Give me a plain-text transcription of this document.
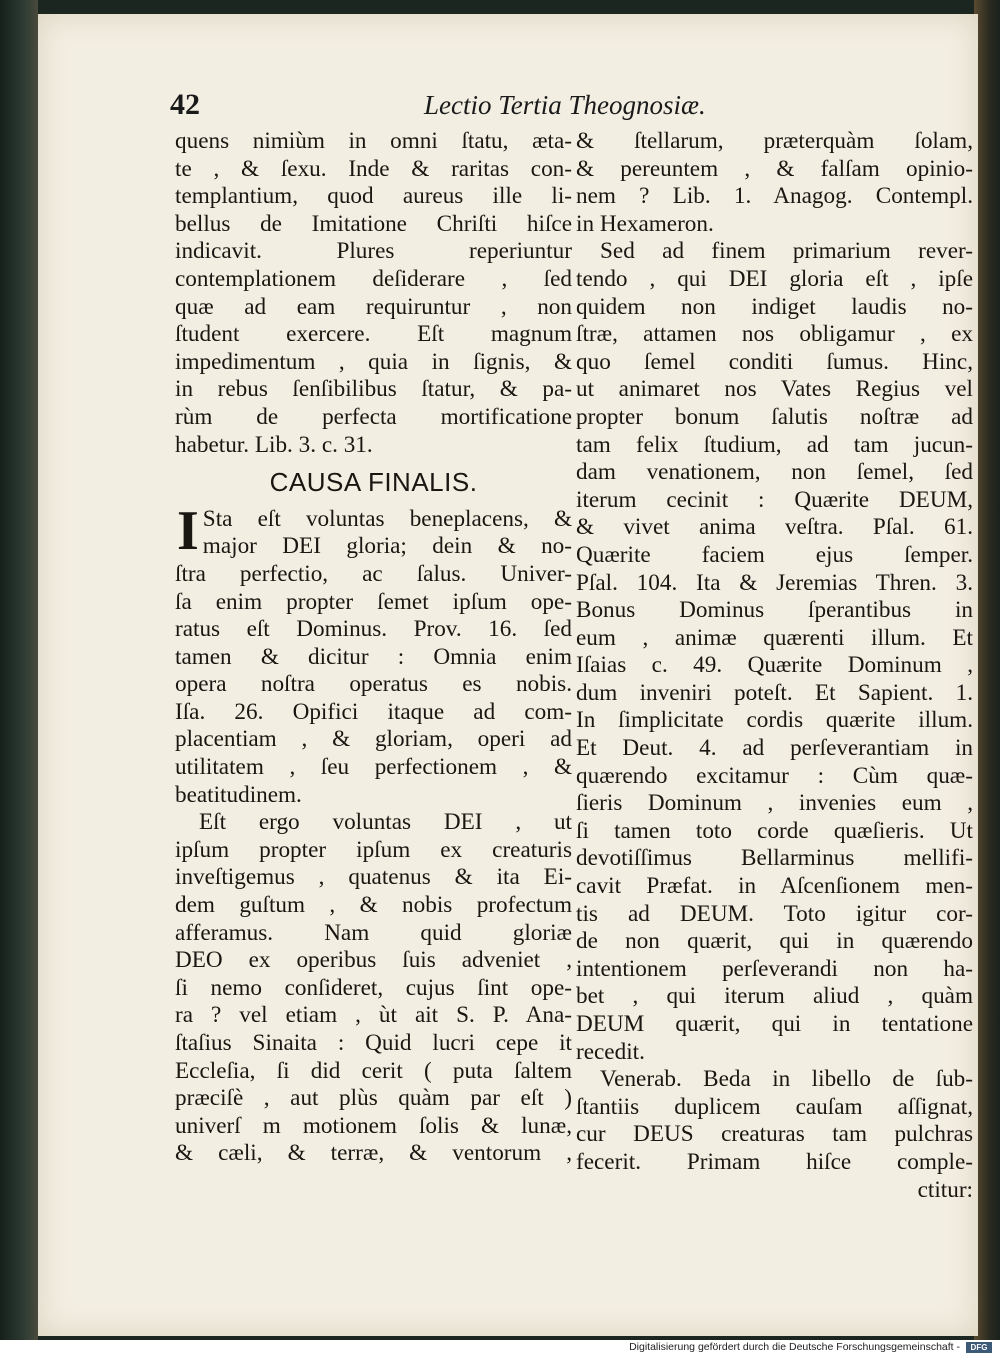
42	Lectio Tertia Theognosiæ.
quens nimiùm in omni ſtatu, æta-
te , & ſexu. Inde & raritas con-
templantium, quod aureus ille li-
bellus de Imitatione Chriſti hiſce
indicavit. Plures reperiuntur
contemplationem deſiderare , ſed
quæ ad eam requiruntur , non
ſtudent exercere. Eſt magnum
impedimentum , quia in ſignis, &
in rebus ſenſibilibus ſtatur, & pa-
rùm de perfecta mortificatione
habetur. Lib. 3. c. 31.
CAUSA FINALIS.
I Sta eſt voluntas beneplacens, &
major DEI gloria; dein & no-
ſtra perfectio, ac ſalus. Univer-
ſa enim propter ſemet ipſum ope-
ratus eſt Dominus. Prov. 16. ſed
tamen & dicitur : Omnia enim
opera noſtra operatus es nobis.
Iſa. 26. Opifici itaque ad com-
placentiam , & gloriam, operi ad
utilitatem , ſeu perfectionem , &
beatitudinem.
Eſt ergo voluntas DEI , ut
ipſum propter ipſum ex creaturis
inveſtigemus , quatenus & ita Ei-
dem guſtum , & nobis profectum
afferamus. Nam quid gloriæ
DEO ex operibus ſuis adveniet ,
ſi nemo conſideret, cujus ſint ope-
ra ? vel etiam , ùt ait S. P. Ana-
ſtaſius Sinaita : Quid lucri cepe it
Eccleſia, ſi did cerit ( puta ſaltem
præciſè , aut plùs quàm par eſt )
univerſ m motionem ſolis & lunæ,
& cæli, & terræ, & ventorum ,
& ſtellarum, præterquàm ſolam,
& pereuntem , & falſam opinio-
nem ? Lib. 1. Anagog. Contempl.
in Hexameron.
Sed ad finem primarium rever-
tendo , qui DEI gloria eſt , ipſe
quidem non indiget laudis no-
ſtræ, attamen nos obligamur , ex
quo ſemel conditi ſumus. Hinc,
ut animaret nos Vates Regius vel
propter bonum ſalutis noſtræ ad
tam felix ſtudium, ad tam jucun-
dam venationem, non ſemel, ſed
iterum cecinit : Quærite DEUM,
& vivet anima veſtra. Pſal. 61.
Quærite faciem ejus ſemper.
Pſal. 104. Ita & Jeremias Thren. 3.
Bonus Dominus ſperantibus in
eum , animæ quærenti illum. Et
Iſaias c. 49. Quærite Dominum ,
dum inveniri poteſt. Et Sapient. 1.
In ſimplicitate cordis quærite illum.
Et Deut. 4. ad perſeverantiam in
quærendo excitamur : Cùm quæ-
ſieris Dominum , invenies eum ,
ſi tamen toto corde quæſieris. Ut
devotiſſimus Bellarminus mellifi-
cavit Præfat. in Aſcenſionem men-
tis ad DEUM. Toto igitur cor-
de non quærit, qui in quærendo
intentionem perſeverandi non ha-
bet , qui iterum aliud , quàm
DEUM quærit, qui in tentatione
recedit.
Venerab. Beda in libello de ſub-
ſtantiis duplicem cauſam aſſignat,
cur DEUS creaturas tam pulchras
fecerit. Primam hiſce comple-
ctitur:
Digitalisierung gefördert durch die Deutsche Forschungsgemeinschaft -	DFG
